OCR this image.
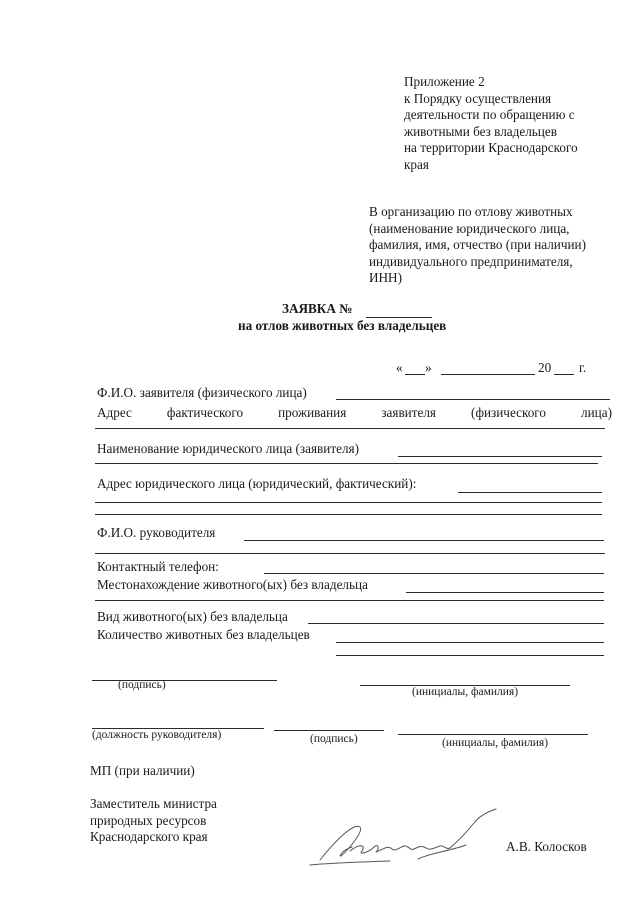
Приложение 2
к Порядку осуществления
деятельности по обращению с
животными без владельцев
на территории Краснодарского
края
В организацию по отлову животных
(наименование юридического лица,
фамилия, имя, отчество (при наличии)
индивидуального предпринимателя,
ИНН)
ЗАЯВКА №
на отлов животных без владельцев
« »	20 г.
Ф.И.О. заявителя (физического лица)
Адрес	фактического	проживания	заявителя	(физического	лица)
Наименование юридического лица (заявителя)
Адрес юридического лица (юридический, фактический):
Ф.И.О. руководителя
Контактный телефон:
Местонахождение животного(ых) без владельца
Вид животного(ых) без владельца
Количество животных без владельцев
(подпись)
(инициалы, фамилия)
(должность руководителя)	(подпись)	(инициалы, фамилия)
МП (при наличии)
Заместитель министра
природных ресурсов
Краснодарского края
А.В. Колосков
